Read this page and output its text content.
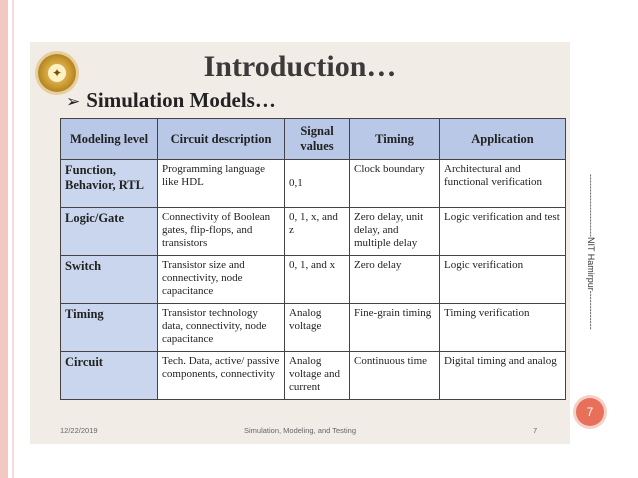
✦	Introduction…
➢ Simulation Models…
Modeling level	Circuit description	Signal values	Timing	Application
Function, Behavior, RTL	Programming language like HDL	0,1	Clock boundary	Architectural and functional verification
Logic/Gate	Connectivity of Boolean gates, flip-flops, and transistors	0, 1, x, and z	Zero delay, unit delay, and multiple delay	Logic verification and test
Switch	Transistor size and connectivity, node capacitance	0, 1, and x	Zero delay	Logic verification
Timing	Transistor technology data, connectivity, node capacitance	Analog voltage	Fine-grain timing	Timing verification
Circuit	Tech. Data, active/ passive components, connectivity	Analog voltage and current	Continuous time	Digital timing and analog
12/22/2019	Simulation, Modeling, and Testing	7
---------------------NIT Hamirpur-------------
7
